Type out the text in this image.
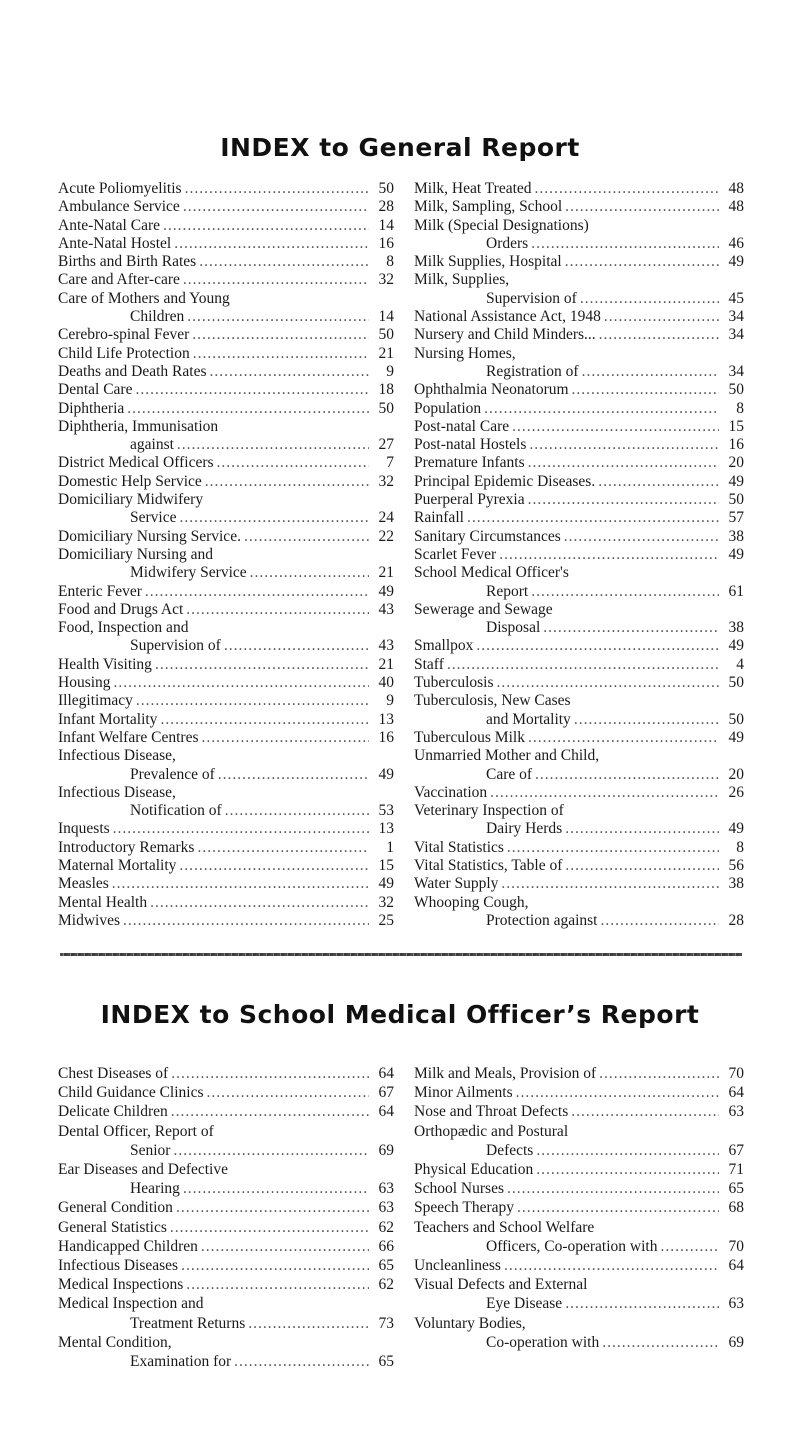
INDEX to General Report
Acute Poliomyelitis .....	50
Ambulance Service .....	28
Ante-Natal Care .....	14
Ante-Natal Hostel .....	16
Births and Birth Rates .....	8
Care and After-care .....	32
Care of Mothers and Young
Children .....	14
Cerebro-spinal Fever .....	50
Child Life Protection .....	21
Deaths and Death Rates .....	9
Dental Care .....	18
Diphtheria .....	50
Diphtheria, Immunisation
against .....	27
District Medical Officers .....	7
Domestic Help Service .....	32
Domiciliary Midwifery
Service .....	24
Domiciliary Nursing Service. .....	22
Domiciliary Nursing and
Midwifery Service .....	21
Enteric Fever .....	49
Food and Drugs Act .....	43
Food, Inspection and
Supervision of .....	43
Health Visiting .....	21
Housing .....	40
Illegitimacy .....	9
Infant Mortality .....	13
Infant Welfare Centres .....	16
Infectious Disease,
Prevalence of .....	49
Infectious Disease,
Notification of .....	53
Inquests .....	13
Introductory Remarks .....	1
Maternal Mortality .....	15
Measles .....	49
Mental Health .....	32
Midwives .....	25
Milk, Heat Treated .....	48
Milk, Sampling, School .....	48
Milk (Special Designations)
Orders .....	46
Milk Supplies, Hospital .....	49
Milk, Supplies,
Supervision of .....	45
National Assistance Act, 1948 .....	34
Nursery and Child Minders... .....	34
Nursing Homes,
Registration of .....	34
Ophthalmia Neonatorum .....	50
Population .....	8
Post-natal Care .....	15
Post-natal Hostels .....	16
Premature Infants .....	20
Principal Epidemic Diseases. .....	49
Puerperal Pyrexia .....	50
Rainfall .....	57
Sanitary Circumstances .....	38
Scarlet Fever .....	49
School Medical Officer's
Report .....	61
Sewerage and Sewage
Disposal .....	38
Smallpox .....	49
Staff .....	4
Tuberculosis .....	50
Tuberculosis, New Cases
and Mortality .....	50
Tuberculous Milk .....	49
Unmarried Mother and Child,
Care of .....	20
Vaccination .....	26
Veterinary Inspection of
Dairy Herds .....	49
Vital Statistics .....	8
Vital Statistics, Table of .....	56
Water Supply .....	38
Whooping Cough,
Protection against .....	28
INDEX to School Medical Officer’s Report
Chest Diseases of .....	64
Child Guidance Clinics .....	67
Delicate Children .....	64
Dental Officer, Report of
Senior .....	69
Ear Diseases and Defective
Hearing .....	63
General Condition .....	63
General Statistics .....	62
Handicapped Children .....	66
Infectious Diseases .....	65
Medical Inspections .....	62
Medical Inspection and
Treatment Returns .....	73
Mental Condition,
Examination for .....	65
Milk and Meals, Provision of .....	70
Minor Ailments .....	64
Nose and Throat Defects .....	63
Orthopædic and Postural
Defects .....	67
Physical Education .....	71
School Nurses .....	65
Speech Therapy .....	68
Teachers and School Welfare
Officers, Co-operation with .....	70
Uncleanliness .....	64
Visual Defects and External
Eye Disease .....	63
Voluntary Bodies,
Co-operation with .....	69
